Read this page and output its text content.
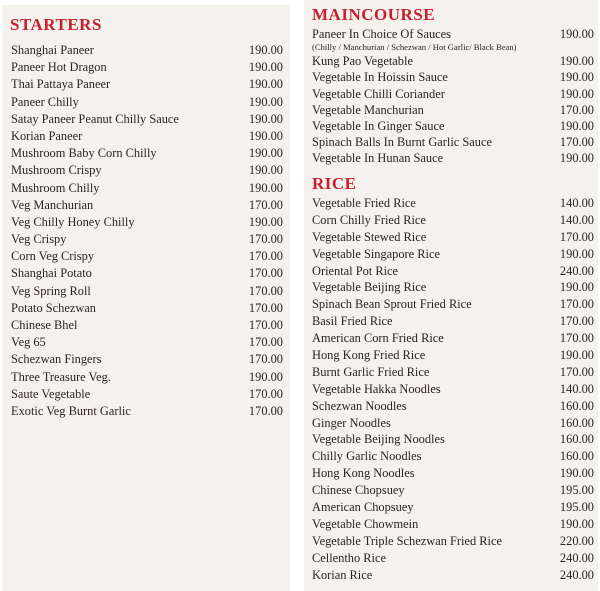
STARTERS
Shanghai Paneer	190.00
Paneer Hot Dragon	190.00
Thai Pattaya Paneer	190.00
Paneer Chilly	190.00
Satay Paneer Peanut Chilly Sauce	190.00
Korian Paneer	190.00
Mushroom Baby Corn Chilly	190.00
Mushroom Crispy	190.00
Mushroom Chilly	190.00
Veg Manchurian	170.00
Veg Chilly Honey Chilly	190.00
Veg Crispy	170.00
Corn Veg Crispy	170.00
Shanghai Potato	170.00
Veg Spring Roll	170.00
Potato Schezwan	170.00
Chinese Bhel	170.00
Veg 65	170.00
Schezwan Fingers	170.00
Three Treasure Veg.	190.00
Saute Vegetable	170.00
Exotic Veg Burnt Garlic	170.00
MAINCOURSE
Paneer In Choice Of Sauces	190.00
(Chilly / Manchurian / Schezwan / Hot Garlic/ Black Bean)
Kung Pao Vegetable	190.00
Vegetable In Hoissin Sauce	190.00
Vegetable Chilli Coriander	190.00
Vegetable Manchurian	170.00
Vegetable In Ginger Sauce	190.00
Spinach Balls In Burnt Garlic Sauce	170.00
Vegetable In Hunan Sauce	190.00
RICE
Vegetable Fried Rice	140.00
Corn Chilly Fried Rice	140.00
Vegetable Stewed Rice	170.00
Vegetable Singapore Rice	190.00
Oriental Pot Rice	240.00
Vegetable Beijing Rice	190.00
Spinach Bean Sprout Fried Rice	170.00
Basil Fried Rice	170.00
American Corn Fried Rice	170.00
Hong Kong Fried Rice	190.00
Burnt Garlic Fried Rice	170.00
Vegetable Hakka Noodles	140.00
Schezwan Noodles	160.00
Ginger Noodles	160.00
Vegetable Beijing Noodles	160.00
Chilly Garlic Noodles	160.00
Hong Kong Noodles	190.00
Chinese Chopsuey	195.00
American Chopsuey	195.00
Vegetable Chowmein	190.00
Vegetable Triple Schezwan Fried Rice	220.00
Cellentho Rice	240.00
Korian Rice	240.00
